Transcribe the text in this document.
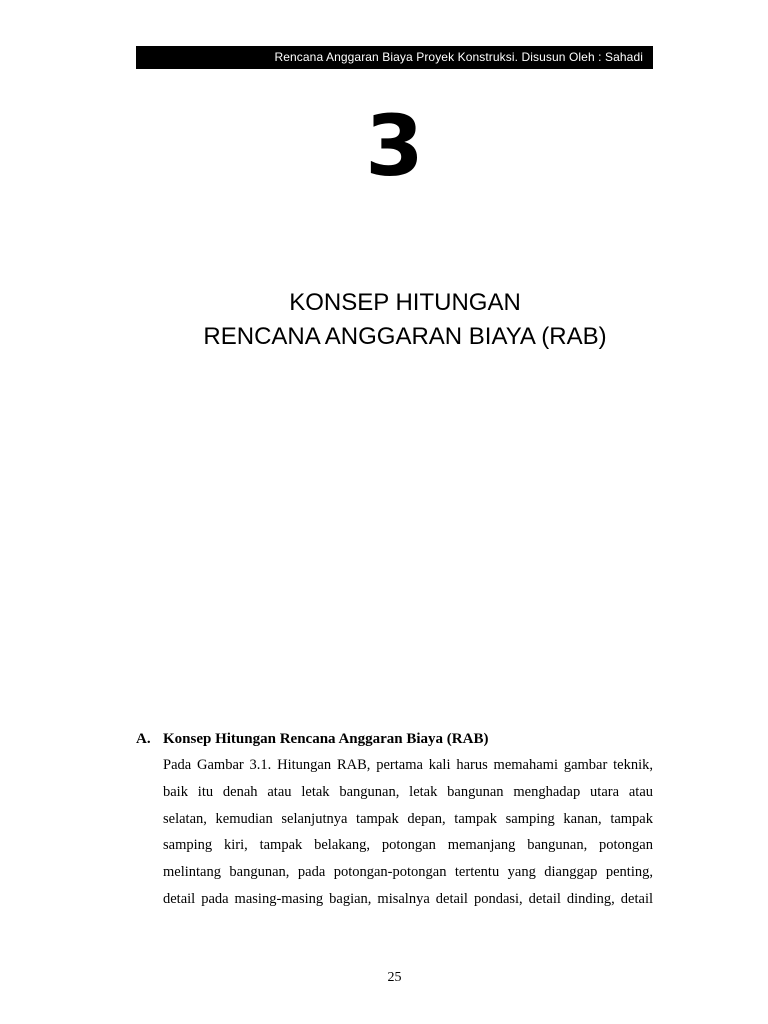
Rencana Anggaran Biaya Proyek Konstruksi. Disusun Oleh : Sahadi
3
KONSEP HITUNGAN
RENCANA ANGGARAN BIAYA (RAB)
A. Konsep Hitungan Rencana Anggaran Biaya (RAB)
Pada Gambar 3.1. Hitungan RAB, pertama kali harus memahami gambar teknik,
baik itu denah atau letak bangunan, letak bangunan menghadap utara atau
selatan, kemudian selanjutnya tampak depan, tampak samping kanan, tampak
samping kiri, tampak belakang, potongan memanjang bangunan, potongan
melintang bangunan, pada potongan-potongan tertentu yang dianggap penting,
detail pada masing-masing bagian, misalnya detail pondasi, detail dinding, detail
25
